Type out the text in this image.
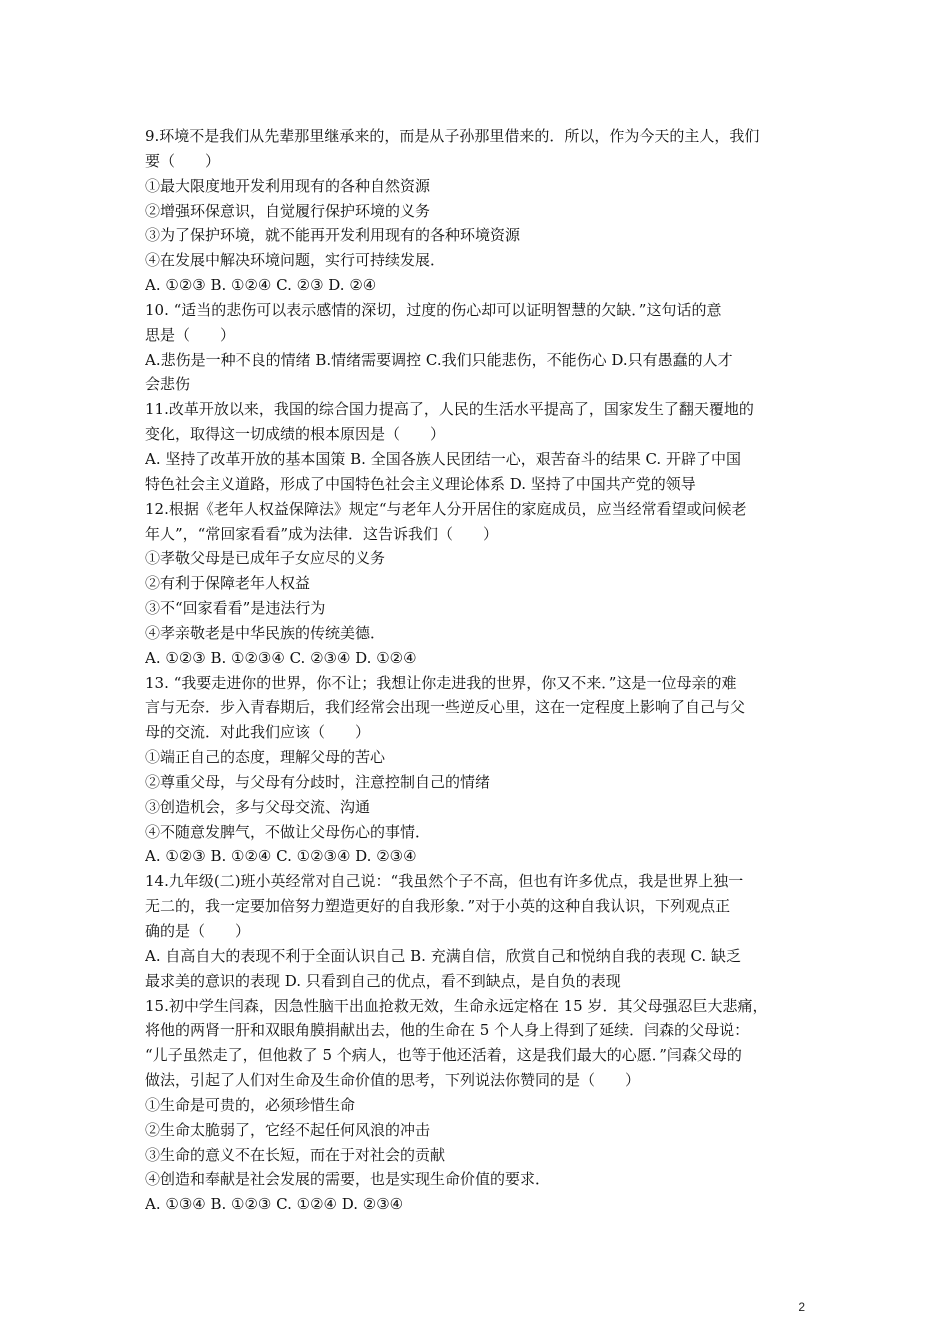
9.环境不是我们从先辈那里继承来的，而是从子孙那里借来的．所以，作为今天的主人，我们
要（　　）
①最大限度地开发利用现有的各种自然资源
②增强环保意识，自觉履行保护环境的义务
③为了保护环境，就不能再开发利用现有的各种环境资源
④在发展中解决环境问题，实行可持续发展．
A. ①②③ B. ①②④ C. ②③ D. ②④
10. “适当的悲伤可以表示感情的深切，过度的伤心却可以证明智慧的欠缺．”这句话的意
思是（　　）
A.悲伤是一种不良的情绪 B.情绪需要调控 C.我们只能悲伤，不能伤心 D.只有愚蠢的人才
会悲伤
11.改革开放以来，我国的综合国力提高了，人民的生活水平提高了，国家发生了翻天覆地的
变化，取得这一切成绩的根本原因是（　　）
A. 坚持了改革开放的基本国策 B. 全国各族人民团结一心，艰苦奋斗的结果 C. 开辟了中国
特色社会主义道路，形成了中国特色社会主义理论体系 D. 坚持了中国共产党的领导
12.根据《老年人权益保障法》规定“与老年人分开居住的家庭成员，应当经常看望或问候老
年人”，“常回家看看”成为法律．这告诉我们（　　）
①孝敬父母是已成年子女应尽的义务
②有利于保障老年人权益
③不“回家看看”是违法行为
④孝亲敬老是中华民族的传统美德．
A. ①②③ B. ①②③④ C. ②③④ D. ①②④
13. “我要走进你的世界，你不让；我想让你走进我的世界，你又不来．”这是一位母亲的难
言与无奈．步入青春期后，我们经常会出现一些逆反心里，这在一定程度上影响了自己与父
母的交流．对此我们应该（　　）
①端正自己的态度，理解父母的苦心
②尊重父母，与父母有分歧时，注意控制自己的情绪
③创造机会，多与父母交流、沟通
④不随意发脾气，不做让父母伤心的事情．
A. ①②③ B. ①②④ C. ①②③④ D. ②③④
14.九年级(二)班小英经常对自己说：“我虽然个子不高，但也有许多优点，我是世界上独一
无二的，我一定要加倍努力塑造更好的自我形象．”对于小英的这种自我认识，下列观点正
确的是（　　）
A. 自高自大的表现不利于全面认识自己 B. 充满自信，欣赏自己和悦纳自我的表现 C. 缺乏
最求美的意识的表现 D. 只看到自己的优点，看不到缺点，是自负的表现
15.初中学生闫森，因急性脑干出血抢救无效，生命永远定格在 15 岁．其父母强忍巨大悲痛，
将他的两肾一肝和双眼角膜捐献出去，他的生命在 5 个人身上得到了延续．闫森的父母说：
“儿子虽然走了，但他救了 5 个病人，也等于他还活着，这是我们最大的心愿．”闫森父母的
做法，引起了人们对生命及生命价值的思考，下列说法你赞同的是（　　）
①生命是可贵的，必须珍惜生命
②生命太脆弱了，它经不起任何风浪的冲击
③生命的意义不在长短，而在于对社会的贡献
④创造和奉献是社会发展的需要，也是实现生命价值的要求．
A. ①③④ B. ①②③ C. ①②④ D. ②③④
2
